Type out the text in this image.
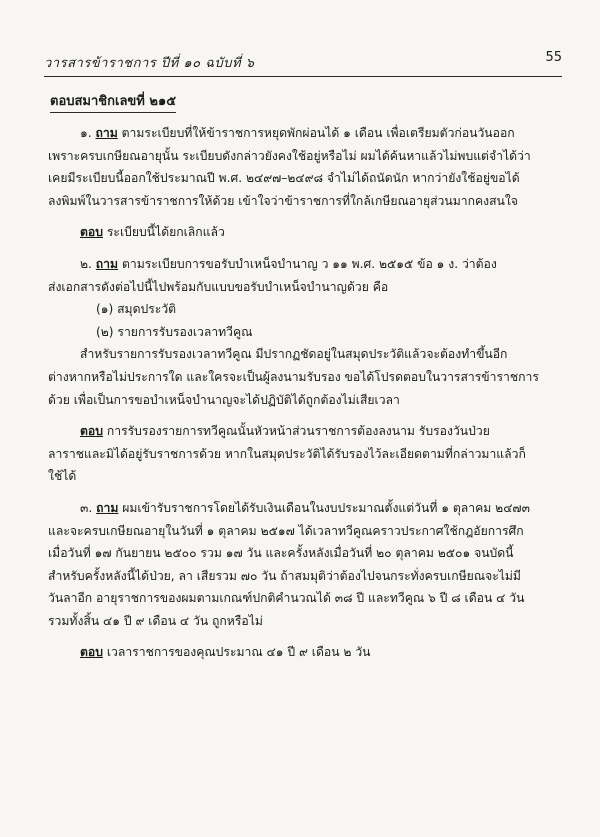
วารสารข้าราชการ ปีที่ ๑๐ ฉบับที่ ๖	55
ตอบสมาชิกเลขที่ ๒๑๕

๑. ถาม ตามระเบียบที่ให้ข้าราชการหยุดพักผ่อนได้ ๑ เดือน เพื่อเตรียมตัวก่อนวันออก

เพราะครบเกษียณอายุนั้น ระเบียบดังกล่าวยังคงใช้อยู่หรือไม่ ผมได้ค้นหาแล้วไม่พบแต่จำได้ว่า

เคยมีระเบียบนี้ออกใช้ประมาณปี พ.ศ. ๒๔๙๗–๒๔๙๘ จำไม่ได้ถนัดนัก หากว่ายังใช้อยู่ขอได้

ลงพิมพ์ในวารสารข้าราชการให้ด้วย เข้าใจว่าข้าราชการที่ใกล้เกษียณอายุส่วนมากคงสนใจ

ตอบ ระเบียบนี้ได้ยกเลิกแล้ว

๒. ถาม ตามระเบียบการขอรับบำเหน็จบำนาญ ว ๑๑ พ.ศ. ๒๕๑๕ ข้อ ๑ ง. ว่าต้อง

ส่งเอกสารดังต่อไปนี้ไปพร้อมกับแบบขอรับบำเหน็จบำนาญด้วย คือ

(๑) สมุดประวัติ

(๒) รายการรับรองเวลาทวีคูณ

สำหรับรายการรับรองเวลาทวีคูณ มีปรากฏชัดอยู่ในสมุดประวัติแล้วจะต้องทำขึ้นอีก

ต่างหากหรือไม่ประการใด และใครจะเป็นผู้ลงนามรับรอง ขอได้โปรดตอบในวารสารข้าราชการ

ด้วย เพื่อเป็นการขอบำเหน็จบำนาญจะได้ปฏิบัติได้ถูกต้องไม่เสียเวลา

ตอบ การรับรองรายการทวีคูณนั้นหัวหน้าส่วนราชการต้องลงนาม รับรองวันป่วย

ลาราชและมิได้อยู่รับราชการด้วย หากในสมุดประวัติได้รับรองไว้ละเอียดตามที่กล่าวมาแล้วก็

ใช้ได้

๓. ถาม ผมเข้ารับราชการโดยได้รับเงินเดือนในงบประมาณตั้งแต่วันที่ ๑ ตุลาคม ๒๔๗๓

และจะครบเกษียณอายุในวันที่ ๑ ตุลาคม ๒๕๑๗ ได้เวลาทวีคูณคราวประกาศใช้กฎอัยการศึก

เมื่อวันที่ ๑๗ กันยายน ๒๕๐๐ รวม ๑๗ วัน และครั้งหลังเมื่อวันที่ ๒๐ ตุลาคม ๒๕๐๑ จนบัดนี้

สำหรับครั้งหลังนี้ได้ป่วย, ลา เสียรวม ๗๐ วัน ถ้าสมมุติว่าต้องไปจนกระทั่งครบเกษียณจะไม่มี

วันลาอีก อายุราชการของผมตามเกณฑ์ปกติคำนวณได้ ๓๘ ปี และทวีคูณ ๖ ปี ๘ เดือน ๔ วัน

รวมทั้งสิ้น ๔๑ ปี ๙ เดือน ๔ วัน ถูกหรือไม่

ตอบ เวลาราชการของคุณประมาณ ๔๑ ปี ๙ เดือน ๒ วัน
